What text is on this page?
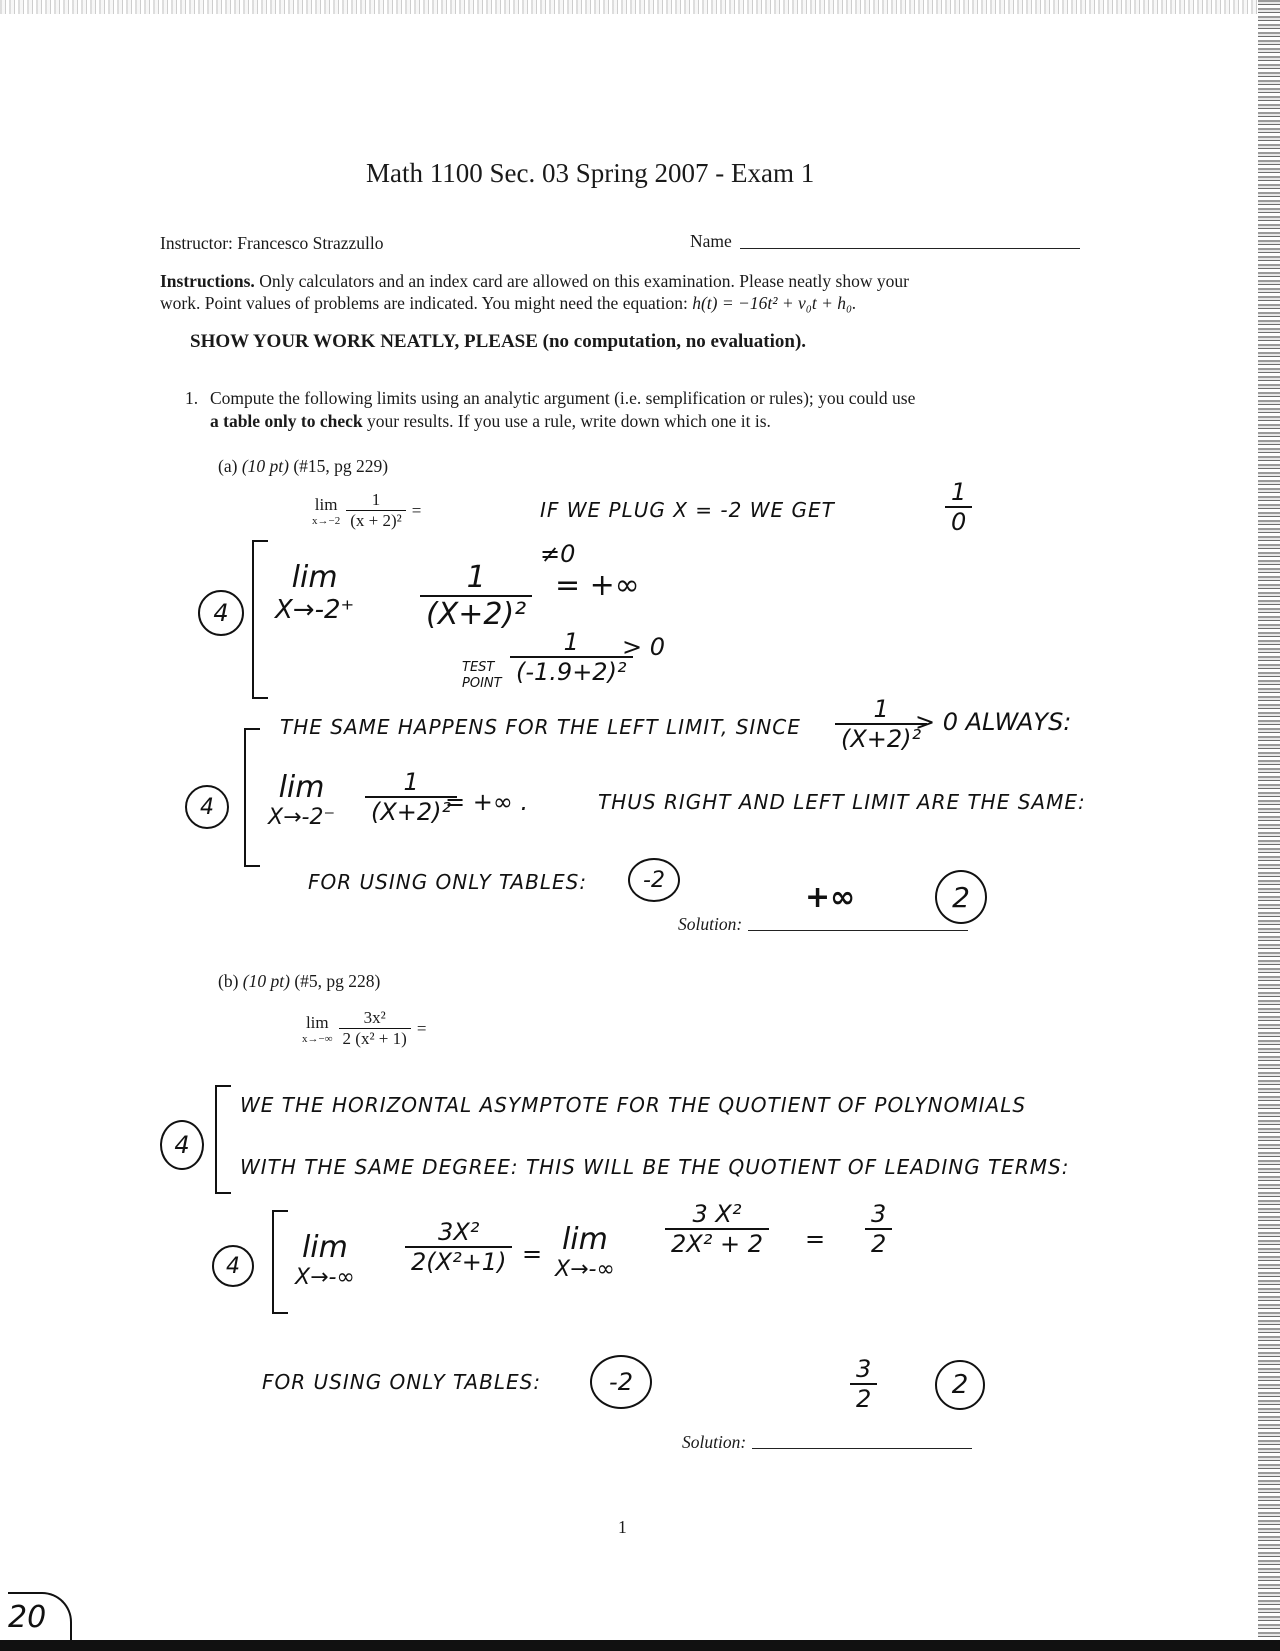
Math 1100 Sec. 03 Spring 2007 - Exam 1
Instructor: Francesco Strazzullo	Name
Instructions. Only calculators and an index card are allowed on this examination. Please neatly show your
work. Point values of problems are indicated. You might need the equation: h(t) = −16t² + v₀t + h₀.
SHOW YOUR WORK NEATLY, PLEASE (no computation, no evaluation).
1. Compute the following limits using an analytic argument (i.e. semplification or rules); you could use
a table only to check your results. If you use a rule, write down which one it is.
(a) (10 pt) (#15, pg 229)
lim
$x\to-2 \frac{1}{\text{(x + 2)²}}$ =	IF WE PLUG X = -2 WE GET	$\frac{1}{0}$
4
lim
$X\to-2^+ \frac{1}{\text{(X+2)²}}$
≠0
= +∞
TEST POINT $\frac{1}{\text{(-1.9+2)²}}$
> 0
THE SAME HAPPENS FOR THE LEFT LIMIT, SINCE $\frac{1}{\text{(X+2)²}}$
> 0 ALWAYS:
4
lim
$X\to-2^- \frac{1}{\text{(X+2)²}}$
= +∞ .	THUS RIGHT AND LEFT LIMIT ARE THE SAME:
FOR USING ONLY TABLES:	-2	+∞	2
Solution:
(b) (10 pt) (#5, pg 228)
lim
$x\to-\infty \frac{\text{3x²}}{\text{2 (x² + 1)}}$ =
4
WE THE HORIZONTAL ASYMPTOTE FOR THE QUOTIENT OF POLYNOMIALS
WITH THE SAME DEGREE: THIS WILL BE THE QUOTIENT OF LEADING TERMS:
4
lim
X→-∞
$\frac{\text{3X²}}{\text{2(X²+1)}} = \lim$
X→-∞
$\frac{\text{3 X²}}{\text{2X² + 2}} = \frac{3}{2}$
FOR USING ONLY TABLES:	-2	$\frac{3}{2}$	2
Solution:
1
20
